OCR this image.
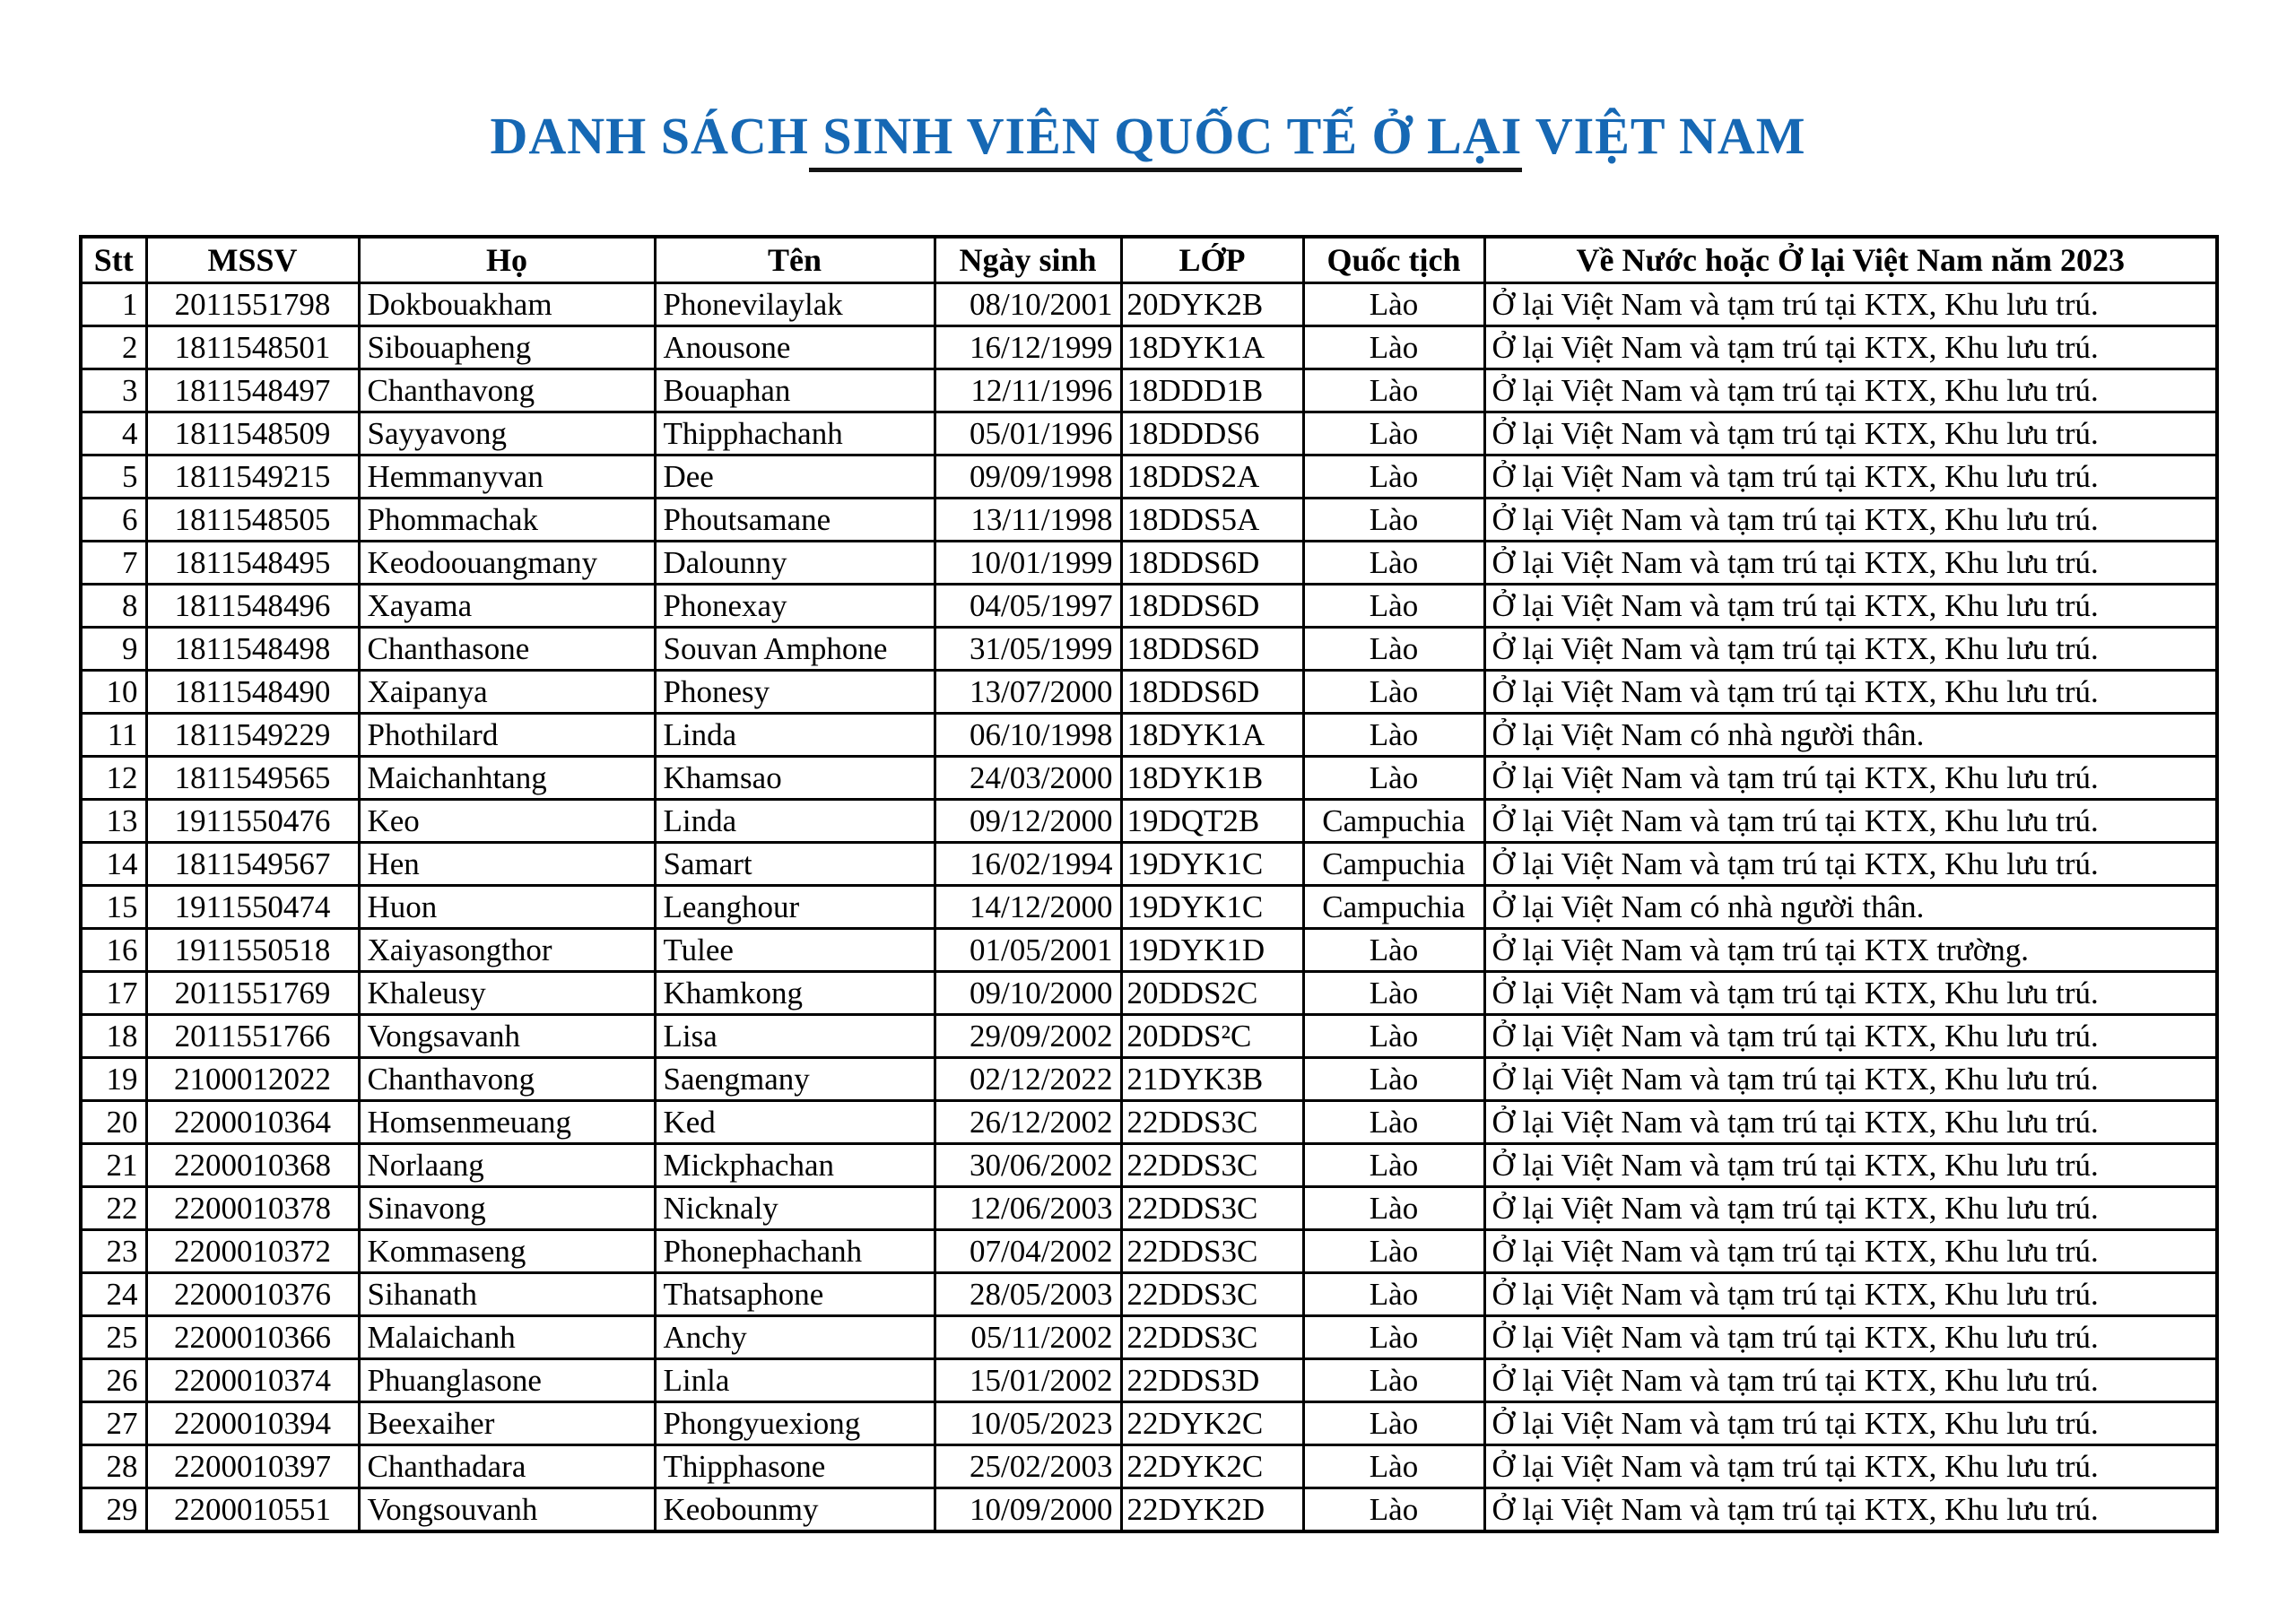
DANH SÁCH SINH VIÊN QUỐC TẾ Ở LẠI VIỆT NAM
Stt	MSSV	Họ	Tên	Ngày sinh	LỚP	Quốc tịch	Về Nước hoặc Ở lại Việt Nam năm 2023
1	2011551798	Dokbouakham	Phonevilaylak	08/10/2001	20DYK2B	Lào	Ở lại Việt Nam và tạm trú tại KTX, Khu lưu trú.
2	1811548501	Sibouapheng	Anousone	16/12/1999	18DYK1A	Lào	Ở lại Việt Nam và tạm trú tại KTX, Khu lưu trú.
3	1811548497	Chanthavong	Bouaphan	12/11/1996	18DDD1B	Lào	Ở lại Việt Nam và tạm trú tại KTX, Khu lưu trú.
4	1811548509	Sayyavong	Thipphachanh	05/01/1996	18DDDS6	Lào	Ở lại Việt Nam và tạm trú tại KTX, Khu lưu trú.
5	1811549215	Hemmanyvan	Dee	09/09/1998	18DDS2A	Lào	Ở lại Việt Nam và tạm trú tại KTX, Khu lưu trú.
6	1811548505	Phommachak	Phoutsamane	13/11/1998	18DDS5A	Lào	Ở lại Việt Nam và tạm trú tại KTX, Khu lưu trú.
7	1811548495	Keodoouangmany	Dalounny	10/01/1999	18DDS6D	Lào	Ở lại Việt Nam và tạm trú tại KTX, Khu lưu trú.
8	1811548496	Xayama	Phonexay	04/05/1997	18DDS6D	Lào	Ở lại Việt Nam và tạm trú tại KTX, Khu lưu trú.
9	1811548498	Chanthasone	Souvan Amphone	31/05/1999	18DDS6D	Lào	Ở lại Việt Nam và tạm trú tại KTX, Khu lưu trú.
10	1811548490	Xaipanya	Phonesy	13/07/2000	18DDS6D	Lào	Ở lại Việt Nam và tạm trú tại KTX, Khu lưu trú.
11	1811549229	Phothilard	Linda	06/10/1998	18DYK1A	Lào	Ở lại Việt Nam có nhà người thân.
12	1811549565	Maichanhtang	Khamsao	24/03/2000	18DYK1B	Lào	Ở lại Việt Nam và tạm trú tại KTX, Khu lưu trú.
13	1911550476	Keo	Linda	09/12/2000	19DQT2B	Campuchia	Ở lại Việt Nam và tạm trú tại KTX, Khu lưu trú.
14	1811549567	Hen	Samart	16/02/1994	19DYK1C	Campuchia	Ở lại Việt Nam và tạm trú tại KTX, Khu lưu trú.
15	1911550474	Huon	Leanghour	14/12/2000	19DYK1C	Campuchia	Ở lại Việt Nam có nhà người thân.
16	1911550518	Xaiyasongthor	Tulee	01/05/2001	19DYK1D	Lào	Ở lại Việt Nam và tạm trú tại KTX trường.
17	2011551769	Khaleusy	Khamkong	09/10/2000	20DDS2C	Lào	Ở lại Việt Nam và tạm trú tại KTX, Khu lưu trú.
18	2011551766	Vongsavanh	Lisa	29/09/2002	20DDS²C	Lào	Ở lại Việt Nam và tạm trú tại KTX, Khu lưu trú.
19	2100012022	Chanthavong	Saengmany	02/12/2022	21DYK3B	Lào	Ở lại Việt Nam và tạm trú tại KTX, Khu lưu trú.
20	2200010364	Homsenmeuang	Ked	26/12/2002	22DDS3C	Lào	Ở lại Việt Nam và tạm trú tại KTX, Khu lưu trú.
21	2200010368	Norlaang	Mickphachan	30/06/2002	22DDS3C	Lào	Ở lại Việt Nam và tạm trú tại KTX, Khu lưu trú.
22	2200010378	Sinavong	Nicknaly	12/06/2003	22DDS3C	Lào	Ở lại Việt Nam và tạm trú tại KTX, Khu lưu trú.
23	2200010372	Kommaseng	Phonephachanh	07/04/2002	22DDS3C	Lào	Ở lại Việt Nam và tạm trú tại KTX, Khu lưu trú.
24	2200010376	Sihanath	Thatsaphone	28/05/2003	22DDS3C	Lào	Ở lại Việt Nam và tạm trú tại KTX, Khu lưu trú.
25	2200010366	Malaichanh	Anchy	05/11/2002	22DDS3C	Lào	Ở lại Việt Nam và tạm trú tại KTX, Khu lưu trú.
26	2200010374	Phuanglasone	Linla	15/01/2002	22DDS3D	Lào	Ở lại Việt Nam và tạm trú tại KTX, Khu lưu trú.
27	2200010394	Beexaiher	Phongyuexiong	10/05/2023	22DYK2C	Lào	Ở lại Việt Nam và tạm trú tại KTX, Khu lưu trú.
28	2200010397	Chanthadara	Thipphasone	25/02/2003	22DYK2C	Lào	Ở lại Việt Nam và tạm trú tại KTX, Khu lưu trú.
29	2200010551	Vongsouvanh	Keobounmy	10/09/2000	22DYK2D	Lào	Ở lại Việt Nam và tạm trú tại KTX, Khu lưu trú.
